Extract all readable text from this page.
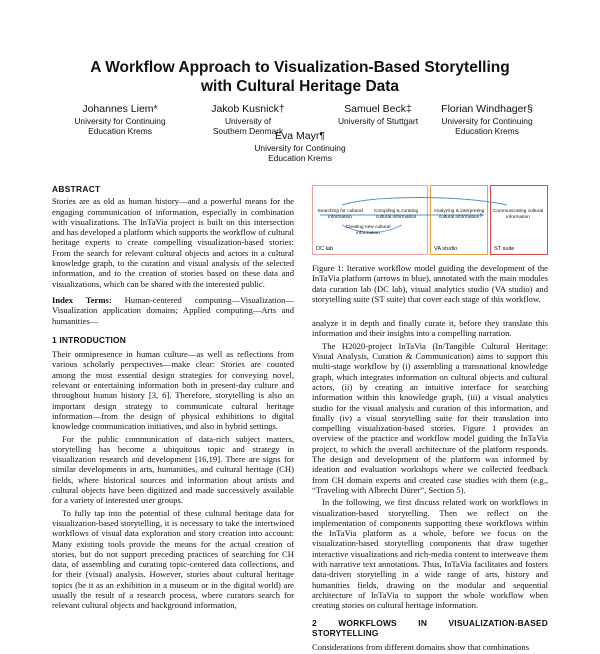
A Workflow Approach to Visualization-Based Storytelling
with Cultural Heritage Data
Johannes Liem*
University for Continuing
Education Krems
Jakob Kusnick†
University of
Southern Denmark
Samuel Beck‡
University of Stuttgart
Florian Windhager§
University for Continuing
Education Krems
Eva Mayr¶
University for Continuing
Education Krems
ABSTRACT

Stories are as old as human history—and a powerful means for the engaging communication of information, especially in combination with visualizations. The InTaVia project is built on this intersection and has developed a platform which supports the workflow of cultural heritage experts to create compelling visualization-based stories: From the search for relevant cultural objects and actors in a cultural knowledge graph, to the curation and visual analysis of the selected information, and to the creation of stories based on these data and visualizations, which can be shared with the interested public.

Index Terms: Human-centered computing—Visualization—Visualization application domains; Applied computing—Arts and humanities—

1 INTRODUCTION

Their omnipresence in human culture—as well as reflections from various scholarly perspectives—make clear: Stories are counted among the most essential design strategies for conveying novel, relevant or entertaining information both in present-day culture and throughout human history [3, 6]. Therefore, storytelling is also an important design strategy to communicate cultural heritage information—from the design of physical exhibitions to digital knowledge communication initiatives, and also in hybrid settings.

For the public communication of data-rich subject matters, storytelling has become a ubiquitous topic and strategy in visualization research and development [16,19]. There are signs for similar developments in arts, humanities, and cultural heritage (CH) fields, where historical sources and information about artists and cultural objects have been digitized and made successively available for a variety of interested user groups.

To fully tap into the potential of these cultural heritage data for visualization-based storytelling, it is necessary to take the intertwined workflows of visual data exploration and story creation into account: Many existing tools provide the means for the actual creation of stories, but do not support preceding practices of searching for CH data, of assembling and curating topic-centered data collections, and for their (visual) analysis. However, stories about cultural heritage topics (be it as an exhibition in a museum or in the digital world) are usually the result of a research process, where curators search for relevant cultural objects and background information,

DC lab	VA studio	ST suite
Searching for cultural information
Compiling & curating cultural information
Creating new cultural information
Analyzing & interpreting cultural information
Communicating cultural information

Figure 1: Iterative workflow model guiding the development of the InTaVia platform (arrows in blue), annotated with the main modules data curation lab (DC lab), visual analytics studio (VA studio) and storytelling suite (ST suite) that cover each stage of this workflow.

analyze it in depth and finally curate it, before they translate this information and their insights into a compelling narration.

The H2020-project InTaVia (In/Tangible Cultural Heritage: Visual Analysis, Curation & Communication) aims to support this multi-stage workflow by (i) assembling a transnational knowledge graph, which integrates information on cultural objects and cultural actors, (ii) by creating an intuitive interface for searching information within this knowledge graph, (iii) a visual analytics studio for the visual analysis and curation of this information, and finally (iv) a visual storytelling suite for their translation into compelling visualization-based stories. Figure 1 provides an overview of the practice and workflow model guiding the InTaVia project, to which the overall architecture of the platform responds. The design and development of the platform was informed by ideation and evaluation workshops where we collected feedback from CH domain experts and created case studies with them (e.g., “Traveling with Albrecht Dürer”, Section 5).

In the following, we first discuss related work on workflows in visualization-based storytelling. Then we reflect on the implementation of components supporting these workflows within the InTaVia platform as a whole, before we focus on the visualization-based storytelling components that draw together interactive visualizations and rich-media content to interweave them with narrative text annotations. Thus, InTaVia facilitates and fosters data-driven storytelling in a wide range of arts, history and humanities fields, drawing on the modular and sequential architecture of InTaVia to support the whole workflow when creating stories on cultural heritage information.

2 WORKFLOWS IN VISUALIZATION-BASED STORYTELLING

Considerations from different domains show that combinations
